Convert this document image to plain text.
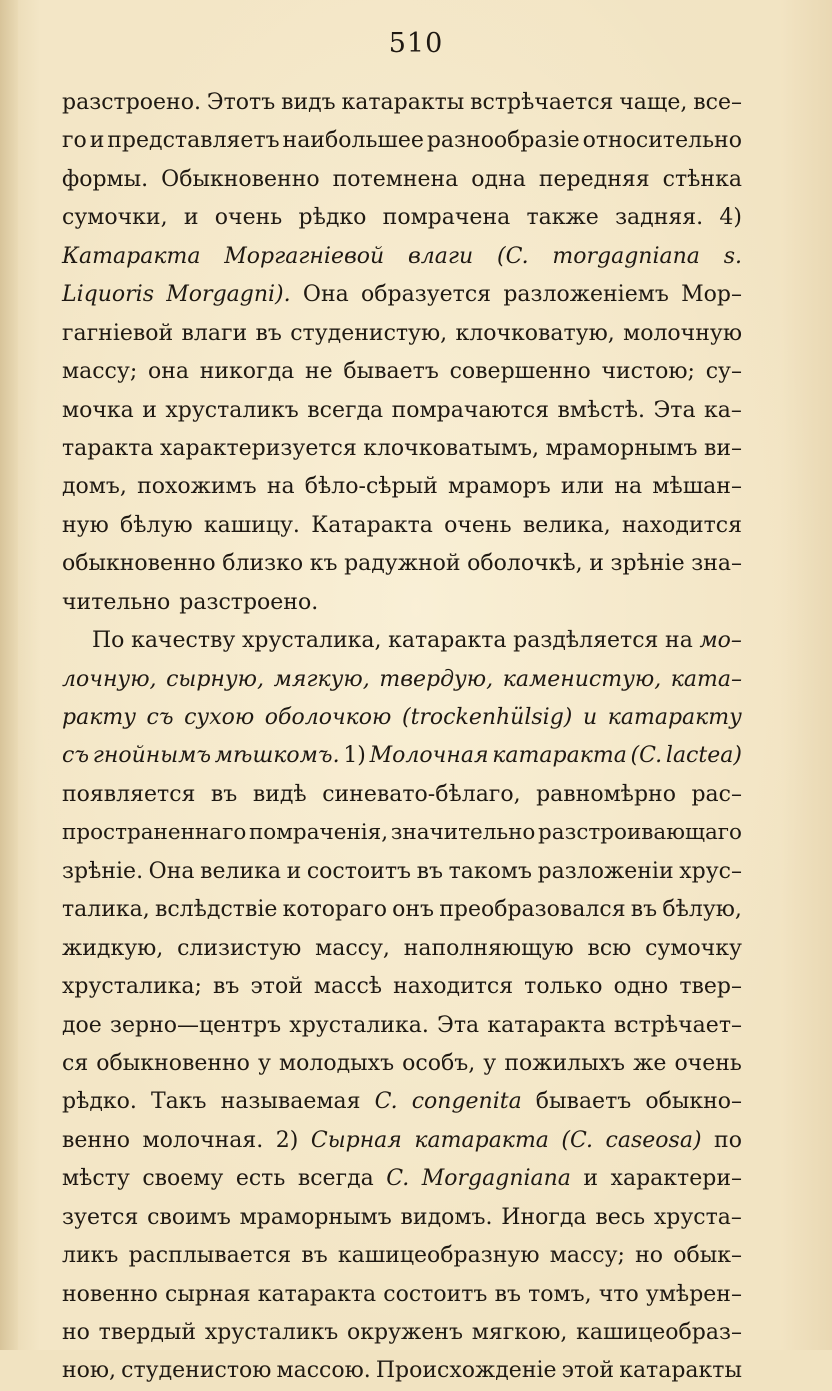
510
разстроено. Этотъ видъ катаракты встрѣчается чаще, все–
го и представляетъ наибольшее разнообразіе относительно
формы. Обыкновенно потемнена одна передняя стѣнка
сумочки, и очень рѣдко помрачена также задняя. 4)
Катаракта Моргагніевой влаги (C. morgagniana s.
Liquoris Morgagni). Она образуется разложеніемъ Мор–
гагніевой влаги въ студенистую, клочковатую, молочную
массу; она никогда не бываетъ совершенно чистою; су–
мочка и хрусталикъ всегда помрачаются вмѣстѣ. Эта ка–
таракта характеризуется клочковатымъ, мраморнымъ ви–
домъ, похожимъ на бѣло-сѣрый мраморъ или на мѣшан–
ную бѣлую кашицу. Катаракта очень велика, находится
обыкновенно близко къ радужной оболочкѣ, и зрѣніе зна–
чительно разстроено.
По качеству хрусталика, катаракта раздѣляется на мо–
лочную, сырную, мягкую, твердую, каменистую, ката–
ракту съ сухою оболочкою (trockenhülsig) и катаракту
съ гнойнымъ мѣшкомъ. 1) Молочная катаракта (C. lactea)
появляется въ видѣ синевато-бѣлаго, равномѣрно рас–
пространеннаго помраченія, значительно разстроивающаго
зрѣніе. Она велика и состоитъ въ такомъ разложеніи хрус–
талика, вслѣдствіе котораго онъ преобразовался въ бѣлую,
жидкую, слизистую массу, наполняющую всю сумочку
хрусталика; въ этой массѣ находится только одно твер–
дое зерно—центръ хрусталика. Эта катаракта встрѣчает–
ся обыкновенно у молодыхъ особъ, у пожилыхъ же очень
рѣдко. Такъ называемая C. congenita бываетъ обыкно–
венно молочная. 2) Сырная катаракта (C. caseosa) по
мѣсту своему есть всегда C. Morgagniana и характери–
зуется своимъ мраморнымъ видомъ. Иногда весь хруста–
ликъ расплывается въ кашицеобразную массу; но обык–
новенно сырная катаракта состоитъ въ томъ, что умѣрен–
но твердый хрусталикъ окруженъ мягкою, кашицеобраз–
ною, студенистою массою. Происхожденіе этой катаракты
